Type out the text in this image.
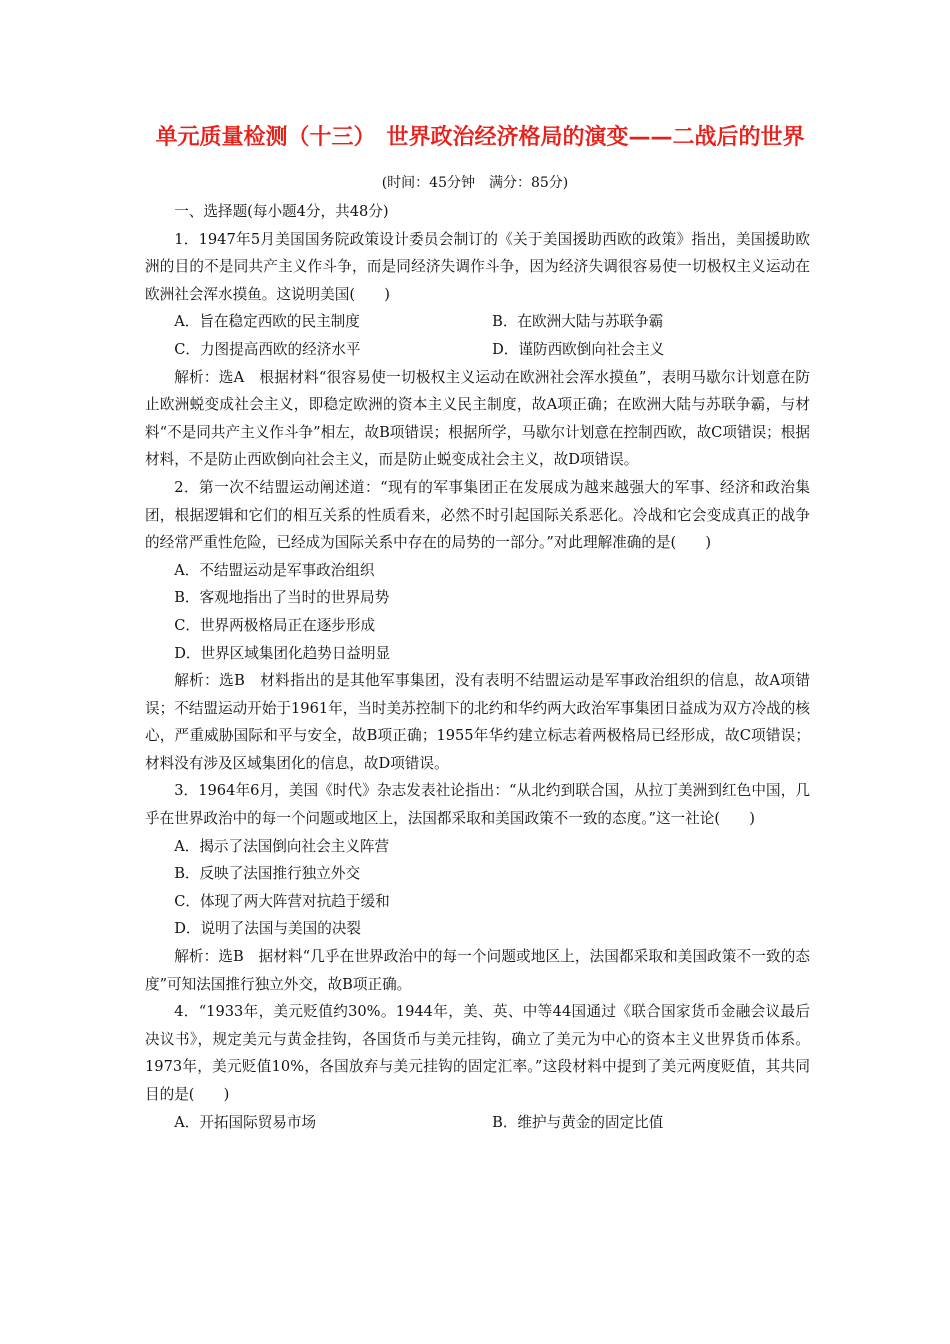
单元质量检测（十三）　世界政治经济格局的演变——二战后的世界
(时间：45分钟　满分：85分)

一、选择题(每小题4分，共48分)

1．1947年5月美国国务院政策设计委员会制订的《关于美国援助西欧的政策》指出，美国援助欧洲的目的不是同共产主义作斗争，而是同经济失调作斗争，因为经济失调很容易使一切极权主义运动在欧洲社会浑水摸鱼。这说明美国(　　)

A．旨在稳定西欧的民主制度	B．在欧洲大陆与苏联争霸
C．力图提高西欧的经济水平	D．谨防西欧倒向社会主义

解析：选A　根据材料“很容易使一切极权主义运动在欧洲社会浑水摸鱼”，表明马歇尔计划意在防止欧洲蜕变成社会主义，即稳定欧洲的资本主义民主制度，故A项正确；在欧洲大陆与苏联争霸，与材料“不是同共产主义作斗争”相左，故B项错误；根据所学，马歇尔计划意在控制西欧，故C项错误；根据材料，不是防止西欧倒向社会主义，而是防止蜕变成社会主义，故D项错误。

2．第一次不结盟运动阐述道：“现有的军事集团正在发展成为越来越强大的军事、经济和政治集团，根据逻辑和它们的相互关系的性质看来，必然不时引起国际关系恶化。冷战和它会变成真正的战争的经常严重性危险，已经成为国际关系中存在的局势的一部分。”对此理解准确的是(　　)

A．不结盟运动是军事政治组织

B．客观地指出了当时的世界局势

C．世界两极格局正在逐步形成

D．世界区域集团化趋势日益明显

解析：选B　材料指出的是其他军事集团，没有表明不结盟运动是军事政治组织的信息，故A项错误；不结盟运动开始于1961年，当时美苏控制下的北约和华约两大政治军事集团日益成为双方冷战的核心，严重威胁国际和平与安全，故B项正确；1955年华约建立标志着两极格局已经形成，故C项错误；材料没有涉及区域集团化的信息，故D项错误。

3．1964年6月，美国《时代》杂志发表社论指出：“从北约到联合国，从拉丁美洲到红色中国，几乎在世界政治中的每一个问题或地区上，法国都采取和美国政策不一致的态度。”这一社论(　　)

A．揭示了法国倒向社会主义阵营

B．反映了法国推行独立外交

C．体现了两大阵营对抗趋于缓和

D．说明了法国与美国的决裂

解析：选B　据材料“几乎在世界政治中的每一个问题或地区上，法国都采取和美国政策不一致的态度”可知法国推行独立外交，故B项正确。

4．“1933年，美元贬值约30%。1944年，美、英、中等44国通过《联合国家货币金融会议最后决议书》，规定美元与黄金挂钩，各国货币与美元挂钩，确立了美元为中心的资本主义世界货币体系。1973年，美元贬值10%，各国放弃与美元挂钩的固定汇率。”这段材料中提到了美元两度贬值，其共同目的是(　　)

A．开拓国际贸易市场	B．维护与黄金的固定比值
